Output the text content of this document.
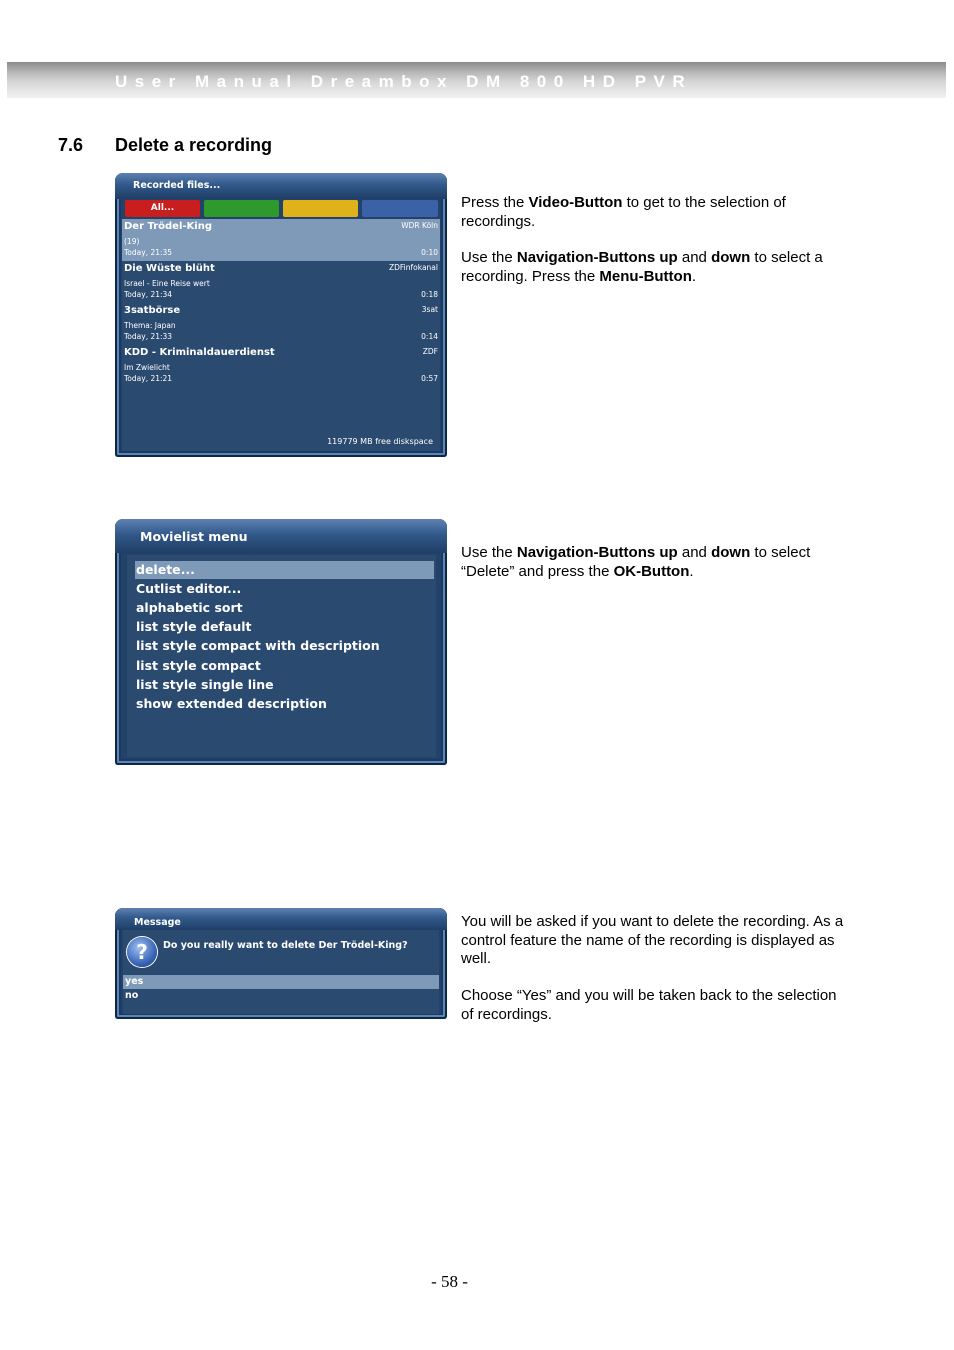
User Manual Dreambox DM 800 HD PVR
7.6 Delete a recording
Recorded files...
All...
Der Trödel-King	WDR Köln
(19)
Today, 21:35	0:10
Die Wüste blüht	ZDFinfokanal
Israel - Eine Reise wert
Today, 21:34	0:18
3satbörse	3sat
Thema: Japan
Today, 21:33	0:14
KDD - Kriminaldauerdienst	ZDF
Im Zwielicht
Today, 21:21	0:57
119779 MB free diskspace
Movielist menu
delete...
Cutlist editor...
alphabetic sort
list style default
list style compact with description
list style compact
list style single line
show extended description
Message
?	Do you really want to delete Der Trödel-King?
yes
no
Press the Video-Button to get to the selection of recordings.
Use the Navigation-Buttons up and down to select a recording. Press the Menu-Button.
Use the Navigation-Buttons up and down to select “Delete” and press the OK-Button.
You will be asked if you want to delete the recording. As a control feature the name of the recording is displayed as well.
Choose “Yes” and you will be taken back to the selection of recordings.
- 58 -
